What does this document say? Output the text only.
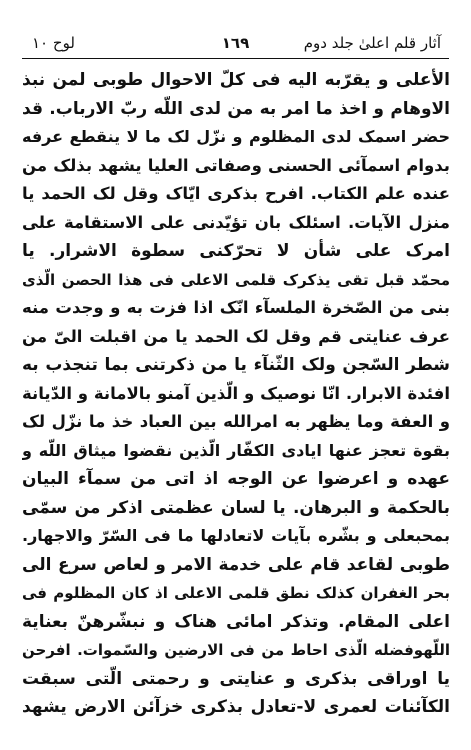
آثار قلم اعلیٰ جلد دوم
١٦٩
لوح ١٠
الأعلی و یقرّبه الیه فی کلّ الاحوال طوبی لمن نبذ
الاوهام و اخذ ما امر به من لدی اللّه ربّ الارباب. قد
حضر اسمک لدی المظلوم و نزّل لک ما لا ینقطع عرفه
بدوام اسمآئی الحسنی وصفاتی العلیا یشهد بذلک من
عنده علم الکتاب. افرح بذکری ایّاک وقل لک الحمد یا
منزل الآیات. اسئلک بان تؤیّدنی علی الاستقامة علی
امرک علی شأن لا تحرّکنی سطوة الاشرار. یا
محمّد قبل تقی یذکرک قلمی الاعلی فی هذا الحصن الّذی
بنی من الصّخرة الملسآء انّک اذا فزت به و وجدت منه
عرف عنایتی قم وقل لک الحمد یا من اقبلت الیّ من
شطر السّجن ولک الثّنآء یا من ذکرتنی بما تنجذب به
افئدة الابرار. انّا نوصیک و الّذین آمنو بالامانة و الدّیانة
و العفة وما یظهر به امرالله بین العباد خذ ما نزّل لک
بقوة تعجز عنها ایادی الکفّار الّذین نقضوا میثاق اللّه و
عهده و اعرضوا عن الوجه اذ اتی من سمآء البیان
بالحکمة و البرهان. یا لسان عظمتی اذکر من سمّی
بمحبعلی و بشّره بآیات لاتعادلها ما فی السّرّ والاجهار.
طوبی لقاعد قام علی خدمة الامر و لعاص سرع الی
بحر الغفران کذلک نطق قلمی الاعلی اذ کان المظلوم فی
اعلی المقام. وتذکر امائی هناک و نبشّرهنّ بعنایة
اللّهوفضله الّذی احاط من فی الارضین والسّموات. افرحن
یا اوراقی بذکری و عنایتی و رحمتی الّتی سبقت
الکآئنات لعمری لا-تعادل بذکری خزآئن الارض یشهد
